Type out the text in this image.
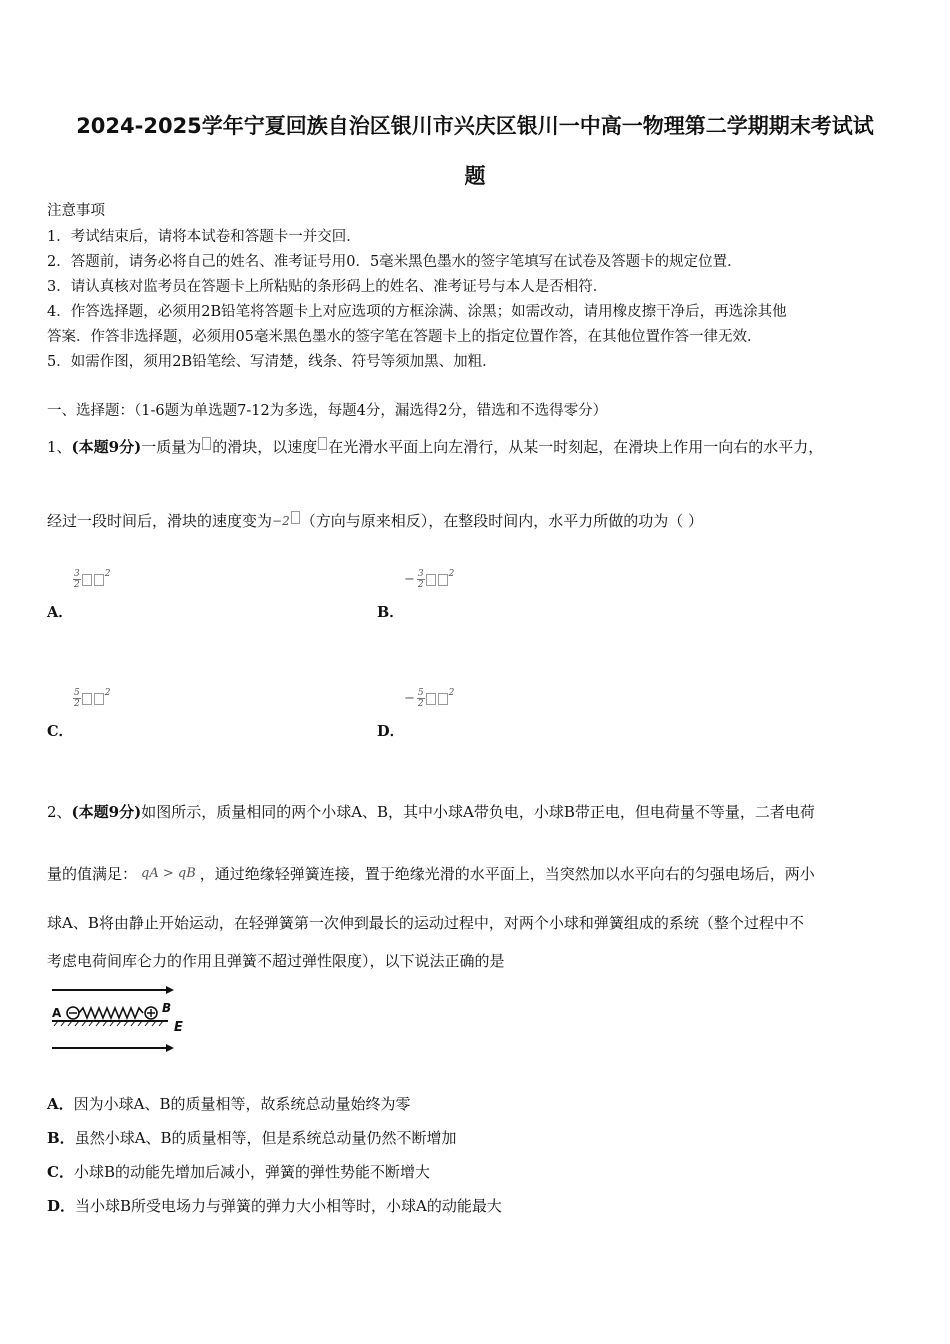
2024-2025学年宁夏回族自治区银川市兴庆区银川一中高一物理第二学期期末考试试
题
注意事项
1．考试结束后，请将本试卷和答题卡一并交回．
2．答题前，请务必将自己的姓名、准考证号用0．5毫米黑色墨水的签字笔填写在试卷及答题卡的规定位置．
3．请认真核对监考员在答题卡上所粘贴的条形码上的姓名、准考证号与本人是否相符．
4．作答选择题，必须用2B铅笔将答题卡上对应选项的方框涂满、涂黑；如需改动，请用橡皮擦干净后，再选涂其他
答案．作答非选择题，必须用05毫米黑色墨水的签字笔在答题卡上的指定位置作答，在其他位置作答一律无效．
5．如需作图，须用2B铅笔绘、写清楚，线条、符号等须加黑、加粗．
一、选择题：（1-6题为单选题7-12为多选，每题4分，漏选得2分，错选和不选得零分）
1、(本题9分)一质量为 的滑块，以速度 在光滑水平面上向左滑行，从某一时刻起，在滑块上作用一向右的水平力，
经过一段时间后，滑块的速度变为$^{-2}$ （方向与原来相反），在整段时间内，水平力所做的功为（ ）
$\frac{3}{2}$	$^2$
A．
− $\frac{3}{2}$	$^2$
B．
$\frac{5}{2}$	$^2$
C．
− $\frac{5}{2}$	$^2$
D．
2、(本题9分)如图所示，质量相同的两个小球A、B，其中小球A带负电，小球B带正电，但电荷量不等量，二者电荷
量的值满足： qA > qB ，通过绝缘轻弹簧连接，置于绝缘光滑的水平面上，当突然加以水平向右的匀强电场后，两小
球A、B将由静止开始运动，在轻弹簧第一次伸到最长的运动过程中，对两个小球和弹簧组成的系统（整个过程中不
考虑电荷间库仑力的作用且弹簧不超过弹性限度），以下说法正确的是
A	B
E
A．因为小球A、B的质量相等，故系统总动量始终为零
B．虽然小球A、B的质量相等，但是系统总动量仍然不断增加
C．小球B的动能先增加后减小，弹簧的弹性势能不断增大
D．当小球B所受电场力与弹簧的弹力大小相等时，小球A的动能最大
